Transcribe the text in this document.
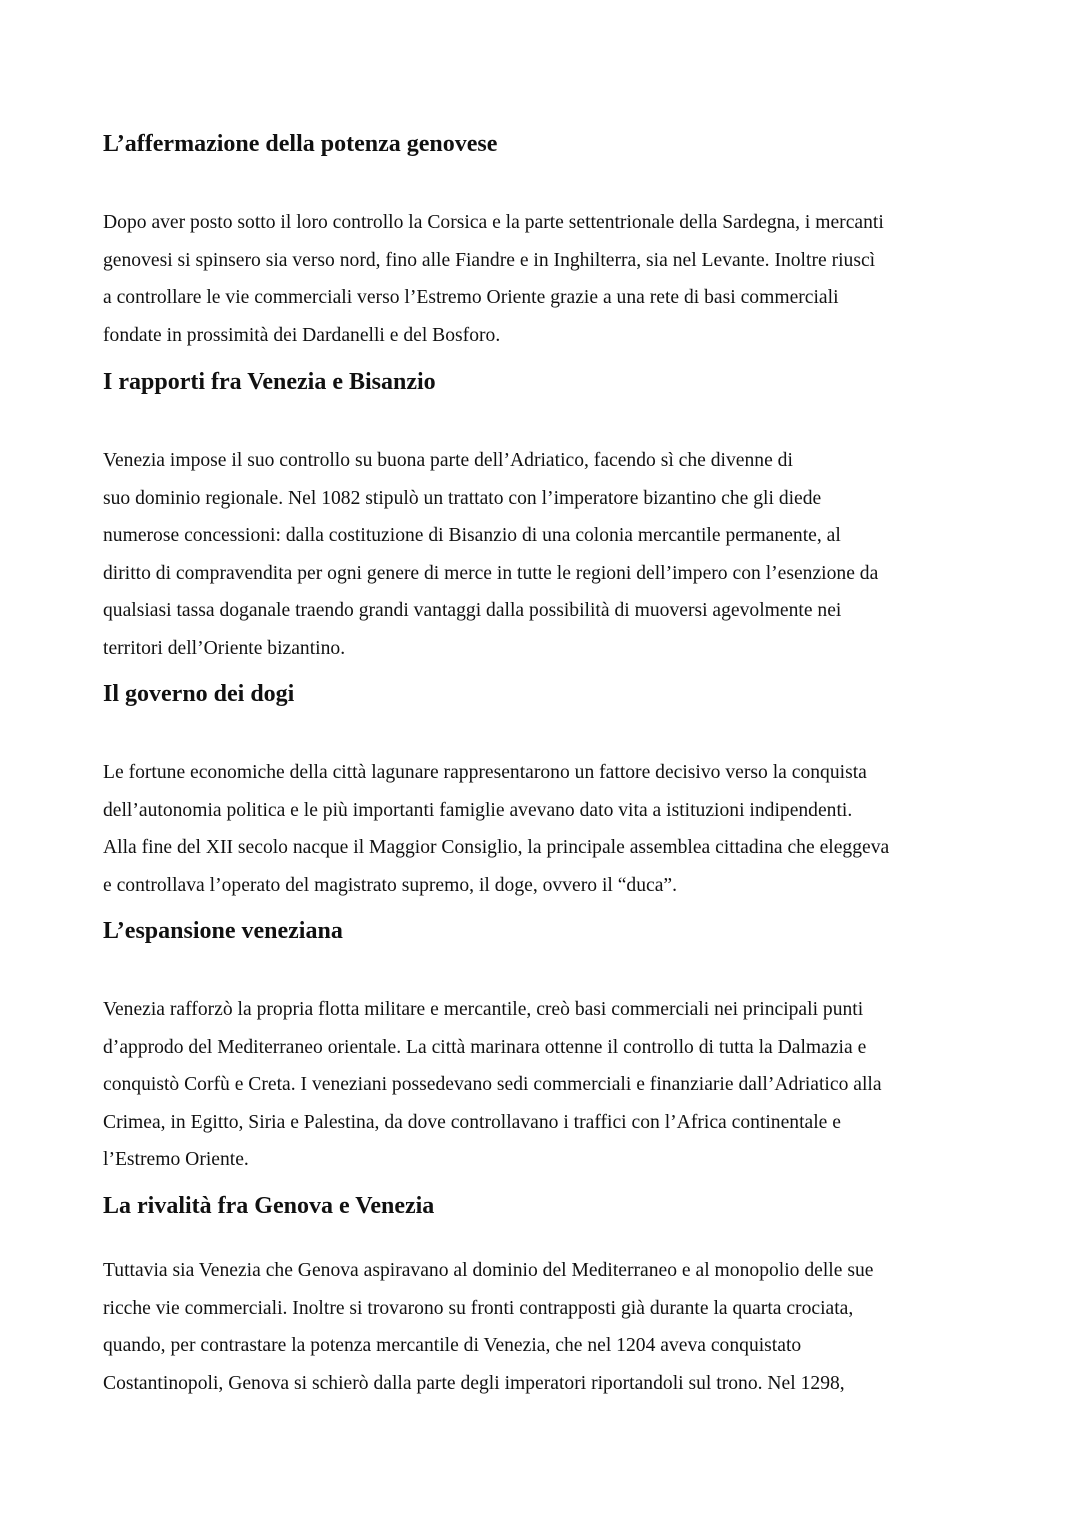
L’affermazione della potenza genovese
Dopo aver posto sotto il loro controllo la Corsica e la parte settentrionale della Sardegna, i mercanti
genovesi si spinsero sia verso nord, fino alle Fiandre e in Inghilterra, sia nel Levante. Inoltre riuscì
a controllare le vie commerciali verso l’Estremo Oriente grazie a una rete di basi commerciali
fondate in prossimità dei Dardanelli e del Bosforo.
I rapporti fra Venezia e Bisanzio
Venezia impose il suo controllo su buona parte dell’Adriatico, facendo sì che divenne di
suo dominio regionale. Nel 1082 stipulò un trattato con l’imperatore bizantino che gli diede
numerose concessioni: dalla costituzione di Bisanzio di una colonia mercantile permanente, al
diritto di compravendita per ogni genere di merce in tutte le regioni dell’impero con l’esenzione da
qualsiasi tassa doganale traendo grandi vantaggi dalla possibilità di muoversi agevolmente nei
territori dell’Oriente bizantino.
Il governo dei dogi
Le fortune economiche della città lagunare rappresentarono un fattore decisivo verso la conquista
dell’autonomia politica e le più importanti famiglie avevano dato vita a istituzioni indipendenti.
Alla fine del XII secolo nacque il Maggior Consiglio, la principale assemblea cittadina che eleggeva
e controllava l’operato del magistrato supremo, il doge, ovvero il “duca”.
L’espansione veneziana
Venezia rafforzò la propria flotta militare e mercantile, creò basi commerciali nei principali punti
d’approdo del Mediterraneo orientale. La città marinara ottenne il controllo di tutta la Dalmazia e
conquistò Corfù e Creta. I veneziani possedevano sedi commerciali e finanziarie dall’Adriatico alla
Crimea, in Egitto, Siria e Palestina, da dove controllavano i traffici con l’Africa continentale e
l’Estremo Oriente.
La rivalità fra Genova e Venezia
Tuttavia sia Venezia che Genova aspiravano al dominio del Mediterraneo e al monopolio delle sue
ricche vie commerciali. Inoltre si trovarono su fronti contrapposti già durante la quarta crociata,
quando, per contrastare la potenza mercantile di Venezia, che nel 1204 aveva conquistato
Costantinopoli, Genova si schierò dalla parte degli imperatori riportandoli sul trono. Nel 1298,
